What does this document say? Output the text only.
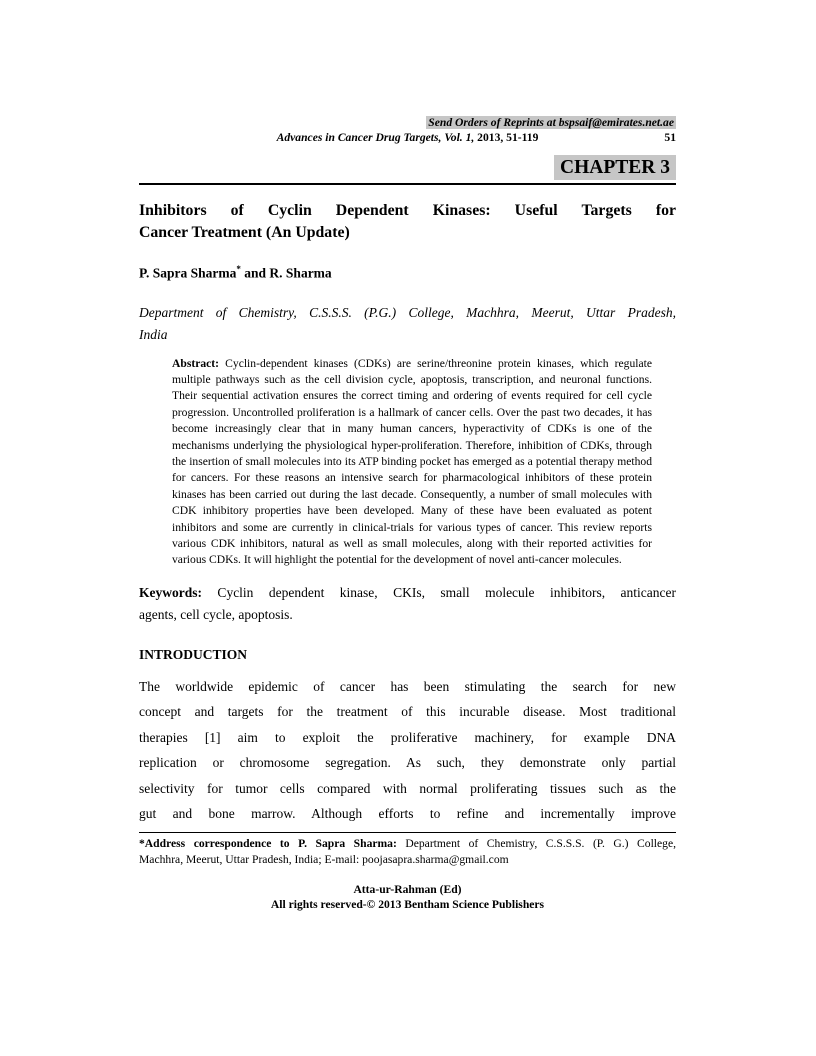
Send Orders of Reprints at bspsaif@emirates.net.ae
Advances in Cancer Drug Targets, Vol. 1, 2013, 51-119	51
CHAPTER 3
Inhibitors of Cyclin Dependent Kinases: Useful Targets for
Cancer Treatment (An Update)
P. Sapra Sharma* and R. Sharma
Department of Chemistry, C.S.S.S. (P.G.) College, Machhra, Meerut, Uttar Pradesh,
India

Abstract: Cyclin-dependent kinases (CDKs) are serine/threonine protein kinases, which regulate multiple pathways such as the cell division cycle, apoptosis, transcription, and neuronal functions. Their sequential activation ensures the correct timing and ordering of events required for cell cycle progression. Uncontrolled proliferation is a hallmark of cancer cells. Over the past two decades, it has become increasingly clear that in many human cancers, hyperactivity of CDKs is one of the mechanisms underlying the physiological hyper-proliferation. Therefore, inhibition of CDKs, through the insertion of small molecules into its ATP binding pocket has emerged as a potential therapy method for cancers. For these reasons an intensive search for pharmacological inhibitors of these protein kinases has been carried out during the last decade. Consequently, a number of small molecules with CDK inhibitory properties have been developed. Many of these have been evaluated as potent inhibitors and some are currently in clinical-trials for various types of cancer. This review reports various CDK inhibitors, natural as well as small molecules, along with their reported activities for various CDKs. It will highlight the potential for the development of novel anti-cancer molecules.

Keywords: Cyclin dependent kinase, CKIs, small molecule inhibitors, anticancer
agents, cell cycle, apoptosis.
INTRODUCTION
The worldwide epidemic of cancer has been stimulating the search for new
concept and targets for the treatment of this incurable disease. Most traditional
therapies [1] aim to exploit the proliferative machinery, for example DNA
replication or chromosome segregation. As such, they demonstrate only partial
selectivity for tumor cells compared with normal proliferating tissues such as the
gut and bone marrow. Although efforts to refine and incrementally improve
*Address correspondence to P. Sapra Sharma: Department of Chemistry, C.S.S.S. (P. G.) College,
Machhra, Meerut, Uttar Pradesh, India; E-mail: poojasapra.sharma@gmail.com
Atta-ur-Rahman (Ed)
All rights reserved-© 2013 Bentham Science Publishers
